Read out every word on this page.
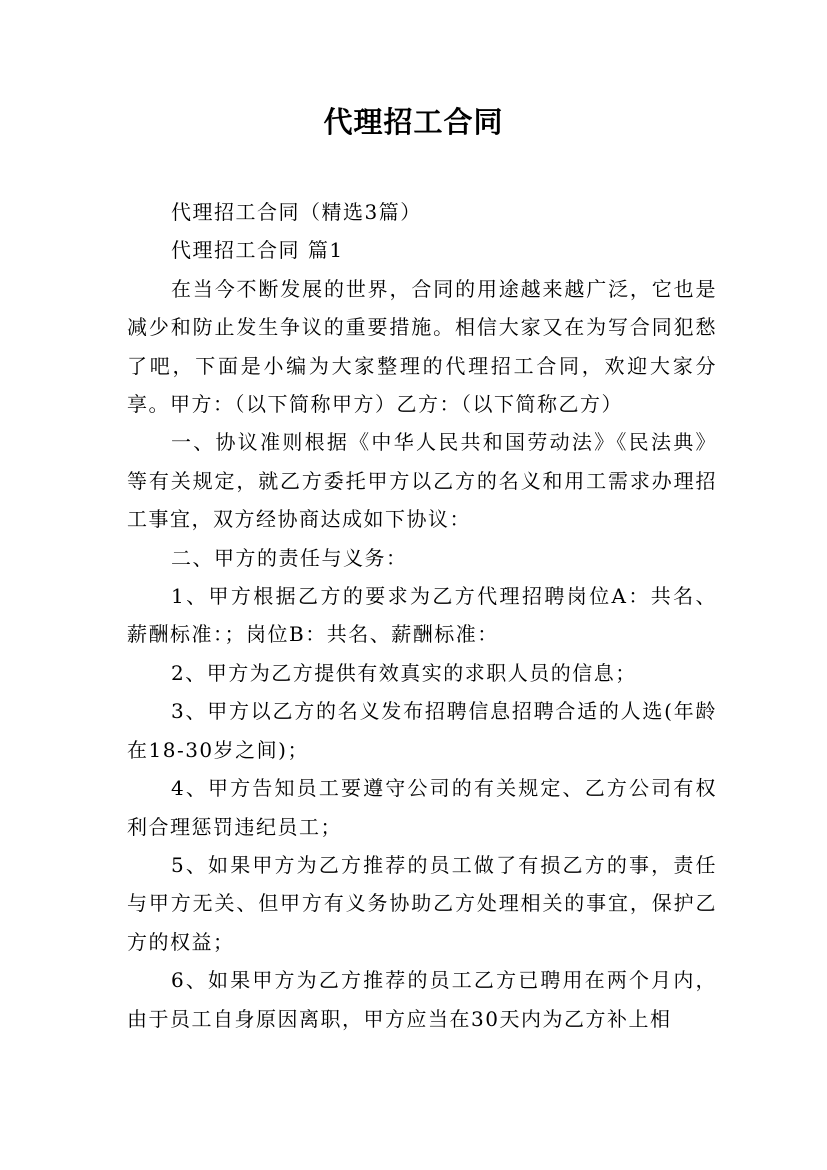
代理招工合同

代理招工合同（精选3篇）

代理招工合同 篇1

在当今不断发展的世界，合同的用途越来越广泛，它也是减少和防止发生争议的重要措施。相信大家又在为写合同犯愁了吧，下面是小编为大家整理的代理招工合同，欢迎大家分享。甲方：（以下简称甲方）乙方：（以下简称乙方）

一、协议准则根据《中华人民共和国劳动法》《民法典》等有关规定，就乙方委托甲方以乙方的名义和用工需求办理招工事宜，双方经协商达成如下协议：

二、甲方的责任与义务：

1、甲方根据乙方的要求为乙方代理招聘岗位A：共名、薪酬标准：；岗位B：共名、薪酬标准：

2、甲方为乙方提供有效真实的求职人员的信息；

3、甲方以乙方的名义发布招聘信息招聘合适的人选(年龄在18-30岁之间)；

4、甲方告知员工要遵守公司的有关规定、乙方公司有权利合理惩罚违纪员工；

5、如果甲方为乙方推荐的员工做了有损乙方的事，责任与甲方无关、但甲方有义务协助乙方处理相关的事宜，保护乙方的权益；

6、如果甲方为乙方推荐的员工乙方已聘用在两个月内，由于员工自身原因离职，甲方应当在30天内为乙方补上相
